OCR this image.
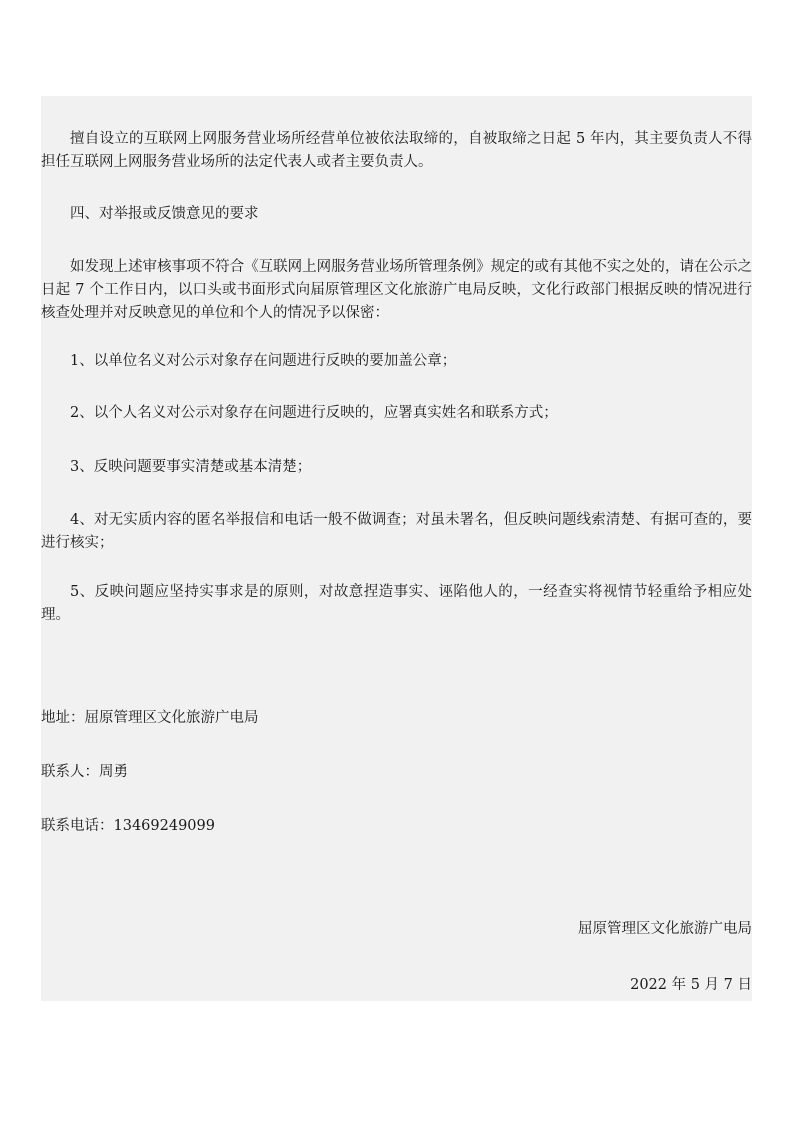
擅自设立的互联网上网服务营业场所经营单位被依法取缔的，自被取缔之日起 5 年内，其主要负责人不得担任互联网上网服务营业场所的法定代表人或者主要负责人。

四、对举报或反馈意见的要求

如发现上述审核事项不符合《互联网上网服务营业场所管理条例》规定的或有其他不实之处的，请在公示之日起 7 个工作日内，以口头或书面形式向届原管理区文化旅游广电局反映，文化行政部门根据反映的情况进行核查处理并对反映意见的单位和个人的情况予以保密：

1、以单位名义对公示对象存在问题进行反映的要加盖公章；

2、以个人名义对公示对象存在问题进行反映的，应署真实姓名和联系方式；

3、反映问题要事实清楚或基本清楚；

4、对无实质内容的匿名举报信和电话一般不做调查；对虽未署名，但反映问题线索清楚、有据可查的，要进行核实；

5、反映问题应坚持实事求是的原则，对故意捏造事实、诬陷他人的，一经查实将视情节轻重给予相应处理。

地址：屈原管理区文化旅游广电局

联系人：周勇

联系电话：13469249099

屈原管理区文化旅游广电局

2022 年 5 月 7 日
